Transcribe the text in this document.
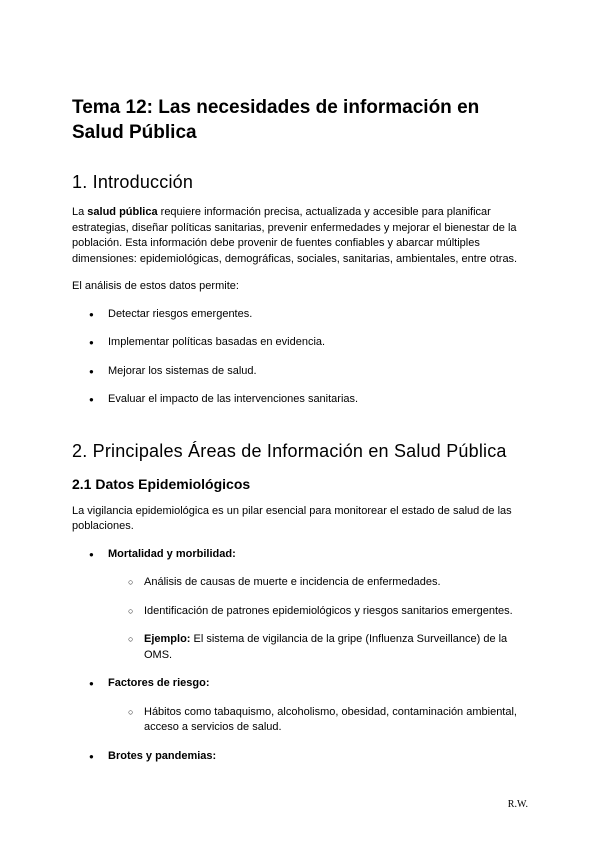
Tema 12: Las necesidades de información en Salud Pública
1. Introducción

La salud pública requiere información precisa, actualizada y accesible para planificar estrategias, diseñar políticas sanitarias, prevenir enfermedades y mejorar el bienestar de la población. Esta información debe provenir de fuentes confiables y abarcar múltiples dimensiones: epidemiológicas, demográficas, sociales, sanitarias, ambientales, entre otras.

El análisis de estos datos permite:

● Detectar riesgos emergentes.
● Implementar políticas basadas en evidencia.
● Mejorar los sistemas de salud.
● Evaluar el impacto de las intervenciones sanitarias.
2. Principales Áreas de Información en Salud Pública
2.1 Datos Epidemiológicos

La vigilancia epidemiológica es un pilar esencial para monitorear el estado de salud de las poblaciones.

● Mortalidad y morbilidad:
○ Análisis de causas de muerte e incidencia de enfermedades.
○ Identificación de patrones epidemiológicos y riesgos sanitarios emergentes.
○ Ejemplo: El sistema de vigilancia de la gripe (Influenza Surveillance) de la OMS.
● Factores de riesgo:
○ Hábitos como tabaquismo, alcoholismo, obesidad, contaminación ambiental, acceso a servicios de salud.
● Brotes y pandemias:
R.W.
